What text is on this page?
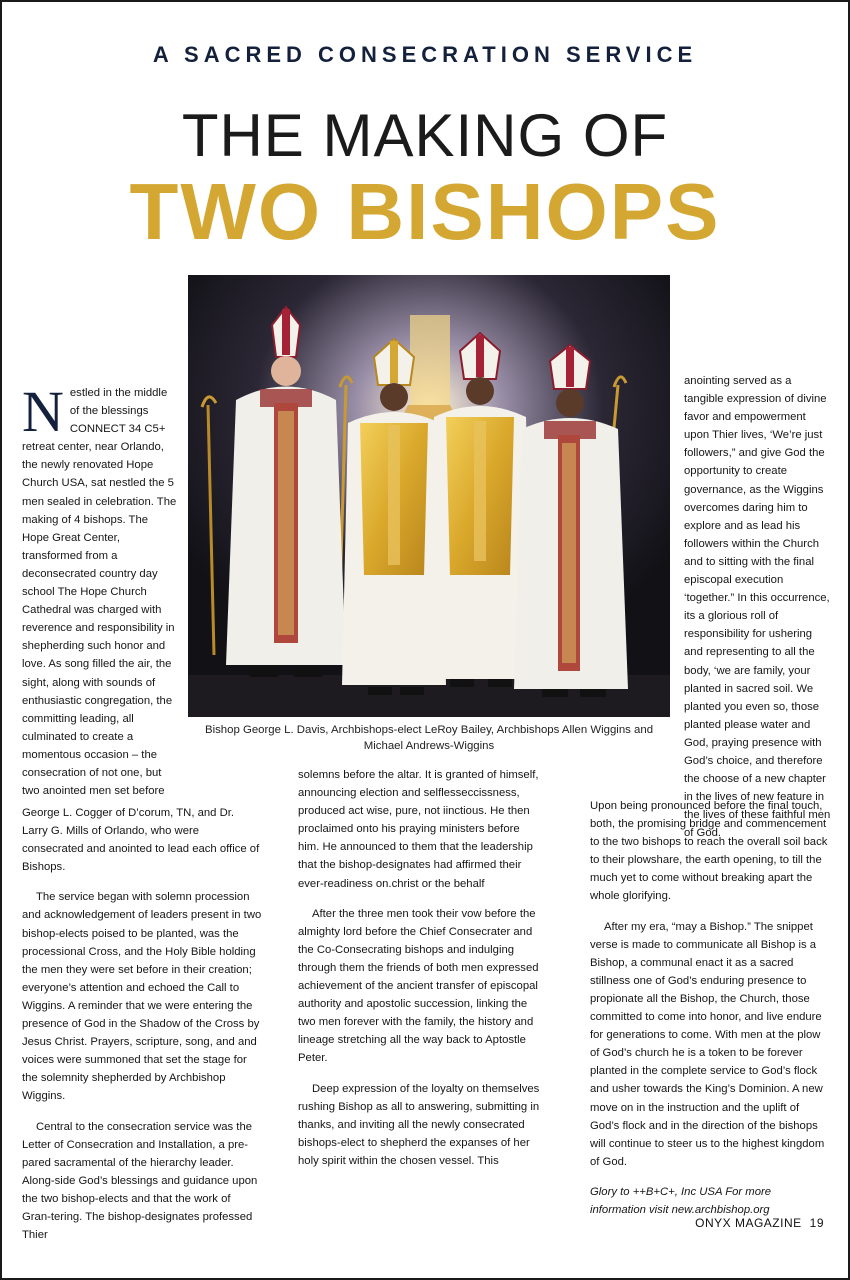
A SACRED CONSECRATION SERVICE
THE MAKING OF
TWO BISHOPS
Bishop George L. Davis, Archbishops-elect LeRoy Bailey, Archbishops Allen Wiggins and Michael Andrews-Wiggins
N estled in the middle of the blessings CONNECT 34 C5+ retreat center, near Orlando, the newly renovated Hope Church USA, sat nestled the 5 men sealed in celebration. The making of 4 bishops. The Hope Great Center, transformed from a deconsecrated country day school The Hope Church Cathedral was charged with reverence and responsibility in shepherding such honor and love. As song filled the air, the sight, along with sounds of enthusiastic congregation, the committing leading, all culminated to create a momentous occasion – the consecration of not one, but two anointed men set before

George L. Cogger of D’corum, TN, and Dr. Larry G. Mills of Orlando, who were consecrated and anointed to lead each office of Bishops.

The service began with solemn procession and acknowledgement of leaders present in two bishop-elects poised to be planted, was the processional Cross, and the Holy Bible holding the men they were set before in their creation; everyone’s attention and echoed the Call to Wiggins. A reminder that we were entering the presence of God in the Shadow of the Cross by Jesus Christ. Prayers, scripture, song, and and voices were summoned that set the stage for the solemnity shepherded by Archbishop Wiggins.

Central to the consecration service was the Letter of Consecration and Installation, a pre-pared sacramental of the hierarchy leader. Along-side God’s blessings and guidance upon the two bishop-elects and that the work of Gran-tering. The bishop-designates professed Thier

solemns before the altar. It is granted of himself, announcing election and selflesseccissness, produced act wise, pure, not iinctious. He then proclaimed onto his praying ministers before him. He announced to them that the leadership that the bishop-designates had affirmed their ever-readiness on.christ or the behalf

After the three men took their vow before the almighty lord before the Chief Consecrater and the Co-Consecrating bishops and indulging through them the friends of both men expressed achievement of the ancient transfer of episcopal authority and apostolic succession, linking the two men forever with the family, the history and lineage stretching all the way back to Aptostle Peter.

Deep expression of the loyalty on themselves rushing Bishop as all to answering, submitting in thanks, and inviting all the newly consecrated bishops-elect to shepherd the expanses of her holy spirit within the chosen vessel. This

anointing served as a tangible expression of divine favor and empowerment upon Thier lives, ‘We’re just followers,” and give God the opportunity to create governance, as the Wiggins overcomes daring him to explore and as lead his followers within the Church and to sitting with the final episcopal execution ‘together.” In this occurrence, its a glorious roll of responsibility for ushering and representing to all the body, ‘we are family, your planted in sacred soil. We planted you even so, those planted please water and God, praying presence with God’s choice, and therefore the choose of a new chapter in the lives of new feature in the lives of these faithful men of God.

Upon being pronounced before the final touch, both, the promising bridge and commencement to the two bishops to reach the overall soil back to their plowshare, the earth opening, to till the much yet to come without breaking apart the whole glorifying.

After my era, “may a Bishop.” The snippet verse is made to communicate all Bishop is a Bishop, a communal enact it as a sacred stillness one of God’s enduring presence to propionate all the Bishop, the Church, those committed to come into honor, and live endure for generations to come. With men at the plow of God’s church he is a token to be forever planted in the complete service to God’s flock and usher towards the King’s Dominion. A new move on in the instruction and the uplift of God’s flock and in the direction of the bishops will continue to steer us to the highest kingdom of God.

Glory to ++B+C+, Inc USA For more information visit new.archbishop.org

ONYX MAGAZINE 19
